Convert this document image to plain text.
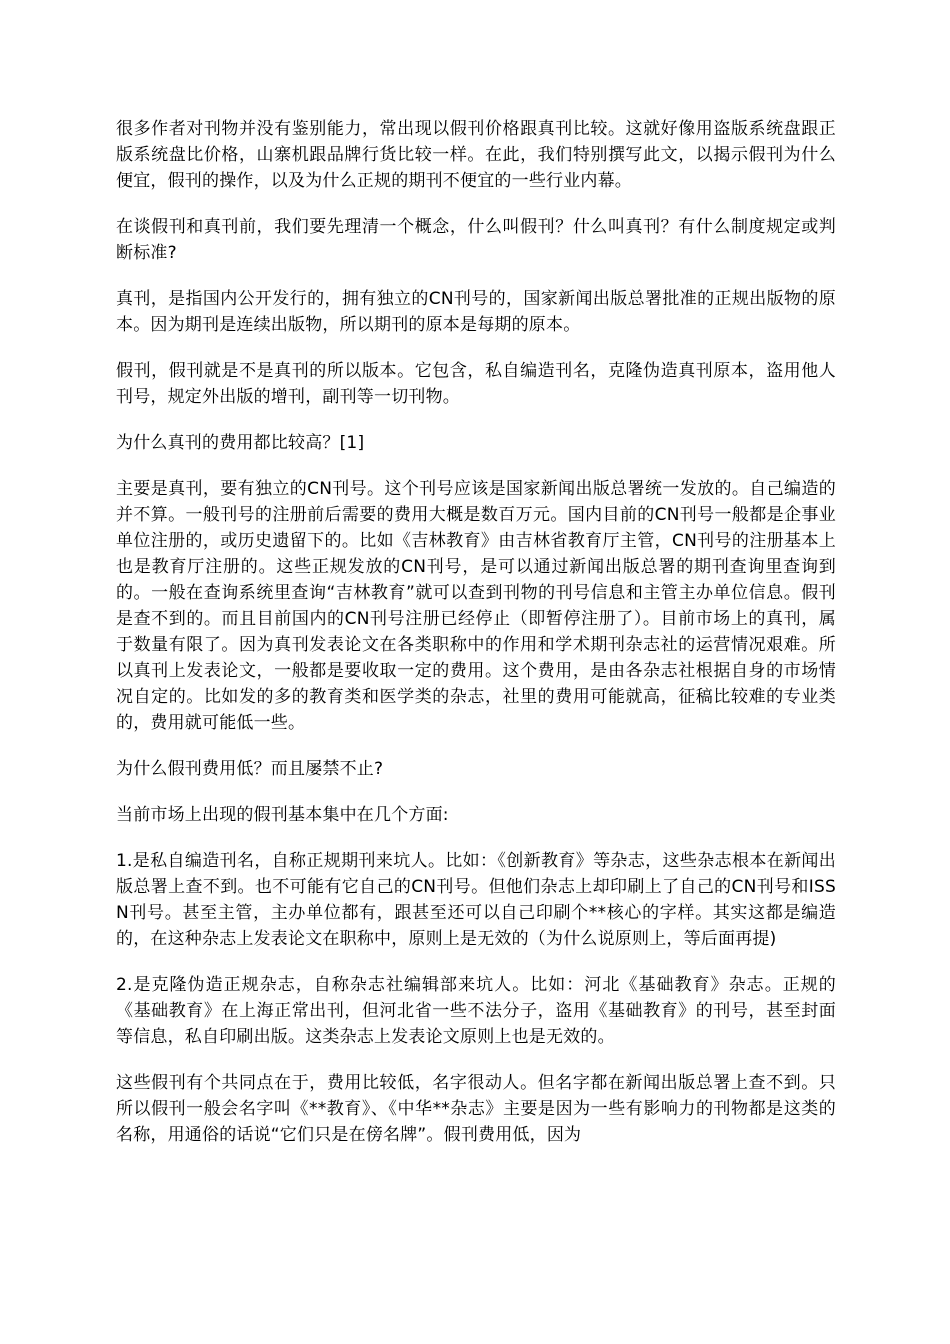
很多作者对刊物并没有鉴别能力，常出现以假刊价格跟真刊比较。这就好像用盗版系统盘跟正版系统盘比价格，山寨机跟品牌行货比较一样。在此，我们特别撰写此文，以揭示假刊为什么便宜，假刊的操作，以及为什么正规的期刊不便宜的一些行业内幕。

在谈假刊和真刊前，我们要先理清一个概念，什么叫假刊？什么叫真刊？有什么制度规定或判断标准?

真刊，是指国内公开发行的，拥有独立的CN刊号的，国家新闻出版总署批准的正规出版物的原本。因为期刊是连续出版物，所以期刊的原本是每期的原本。

假刊，假刊就是不是真刊的所以版本。它包含，私自编造刊名，克隆伪造真刊原本，盗用他人刊号，规定外出版的增刊，副刊等一切刊物。

为什么真刊的费用都比较高？[1]

主要是真刊，要有独立的CN刊号。这个刊号应该是国家新闻出版总署统一发放的。自己编造的并不算。一般刊号的注册前后需要的费用大概是数百万元。国内目前的CN刊号一般都是企事业单位注册的，或历史遗留下的。比如《吉林教育》由吉林省教育厅主管，CN刊号的注册基本上也是教育厅注册的。这些正规发放的CN刊号，是可以通过新闻出版总署的期刊查询里查询到的。一般在查询系统里查询“吉林教育”就可以查到刊物的刊号信息和主管主办单位信息。假刊是查不到的。而且目前国内的CN刊号注册已经停止（即暂停注册了）。目前市场上的真刊，属于数量有限了。因为真刊发表论文在各类职称中的作用和学术期刊杂志社的运营情况艰难。所以真刊上发表论文，一般都是要收取一定的费用。这个费用，是由各杂志社根据自身的市场情况自定的。比如发的多的教育类和医学类的杂志，社里的费用可能就高，征稿比较难的专业类的，费用就可能低一些。

为什么假刊费用低？而且屡禁不止?

当前市场上出现的假刊基本集中在几个方面:

1.是私自编造刊名，自称正规期刊来坑人。比如：《创新教育》等杂志，这些杂志根本在新闻出版总署上查不到。也不可能有它自己的CN刊号。但他们杂志上却印刷上了自己的CN刊号和ISSN刊号。甚至主管，主办单位都有，跟甚至还可以自己印刷个**核心的字样。其实这都是编造的，在这种杂志上发表论文在职称中，原则上是无效的（为什么说原则上，等后面再提)

2.是克隆伪造正规杂志，自称杂志社编辑部来坑人。比如：河北《基础教育》杂志。正规的《基础教育》在上海正常出刊，但河北省一些不法分子，盗用《基础教育》的刊号，甚至封面等信息，私自印刷出版。这类杂志上发表论文原则上也是无效的。

这些假刊有个共同点在于，费用比较低，名字很动人。但名字都在新闻出版总署上查不到。只所以假刊一般会名字叫《**教育》、《中华**杂志》主要是因为一些有影响力的刊物都是这类的名称，用通俗的话说“它们只是在傍名牌”。假刊费用低，因为
